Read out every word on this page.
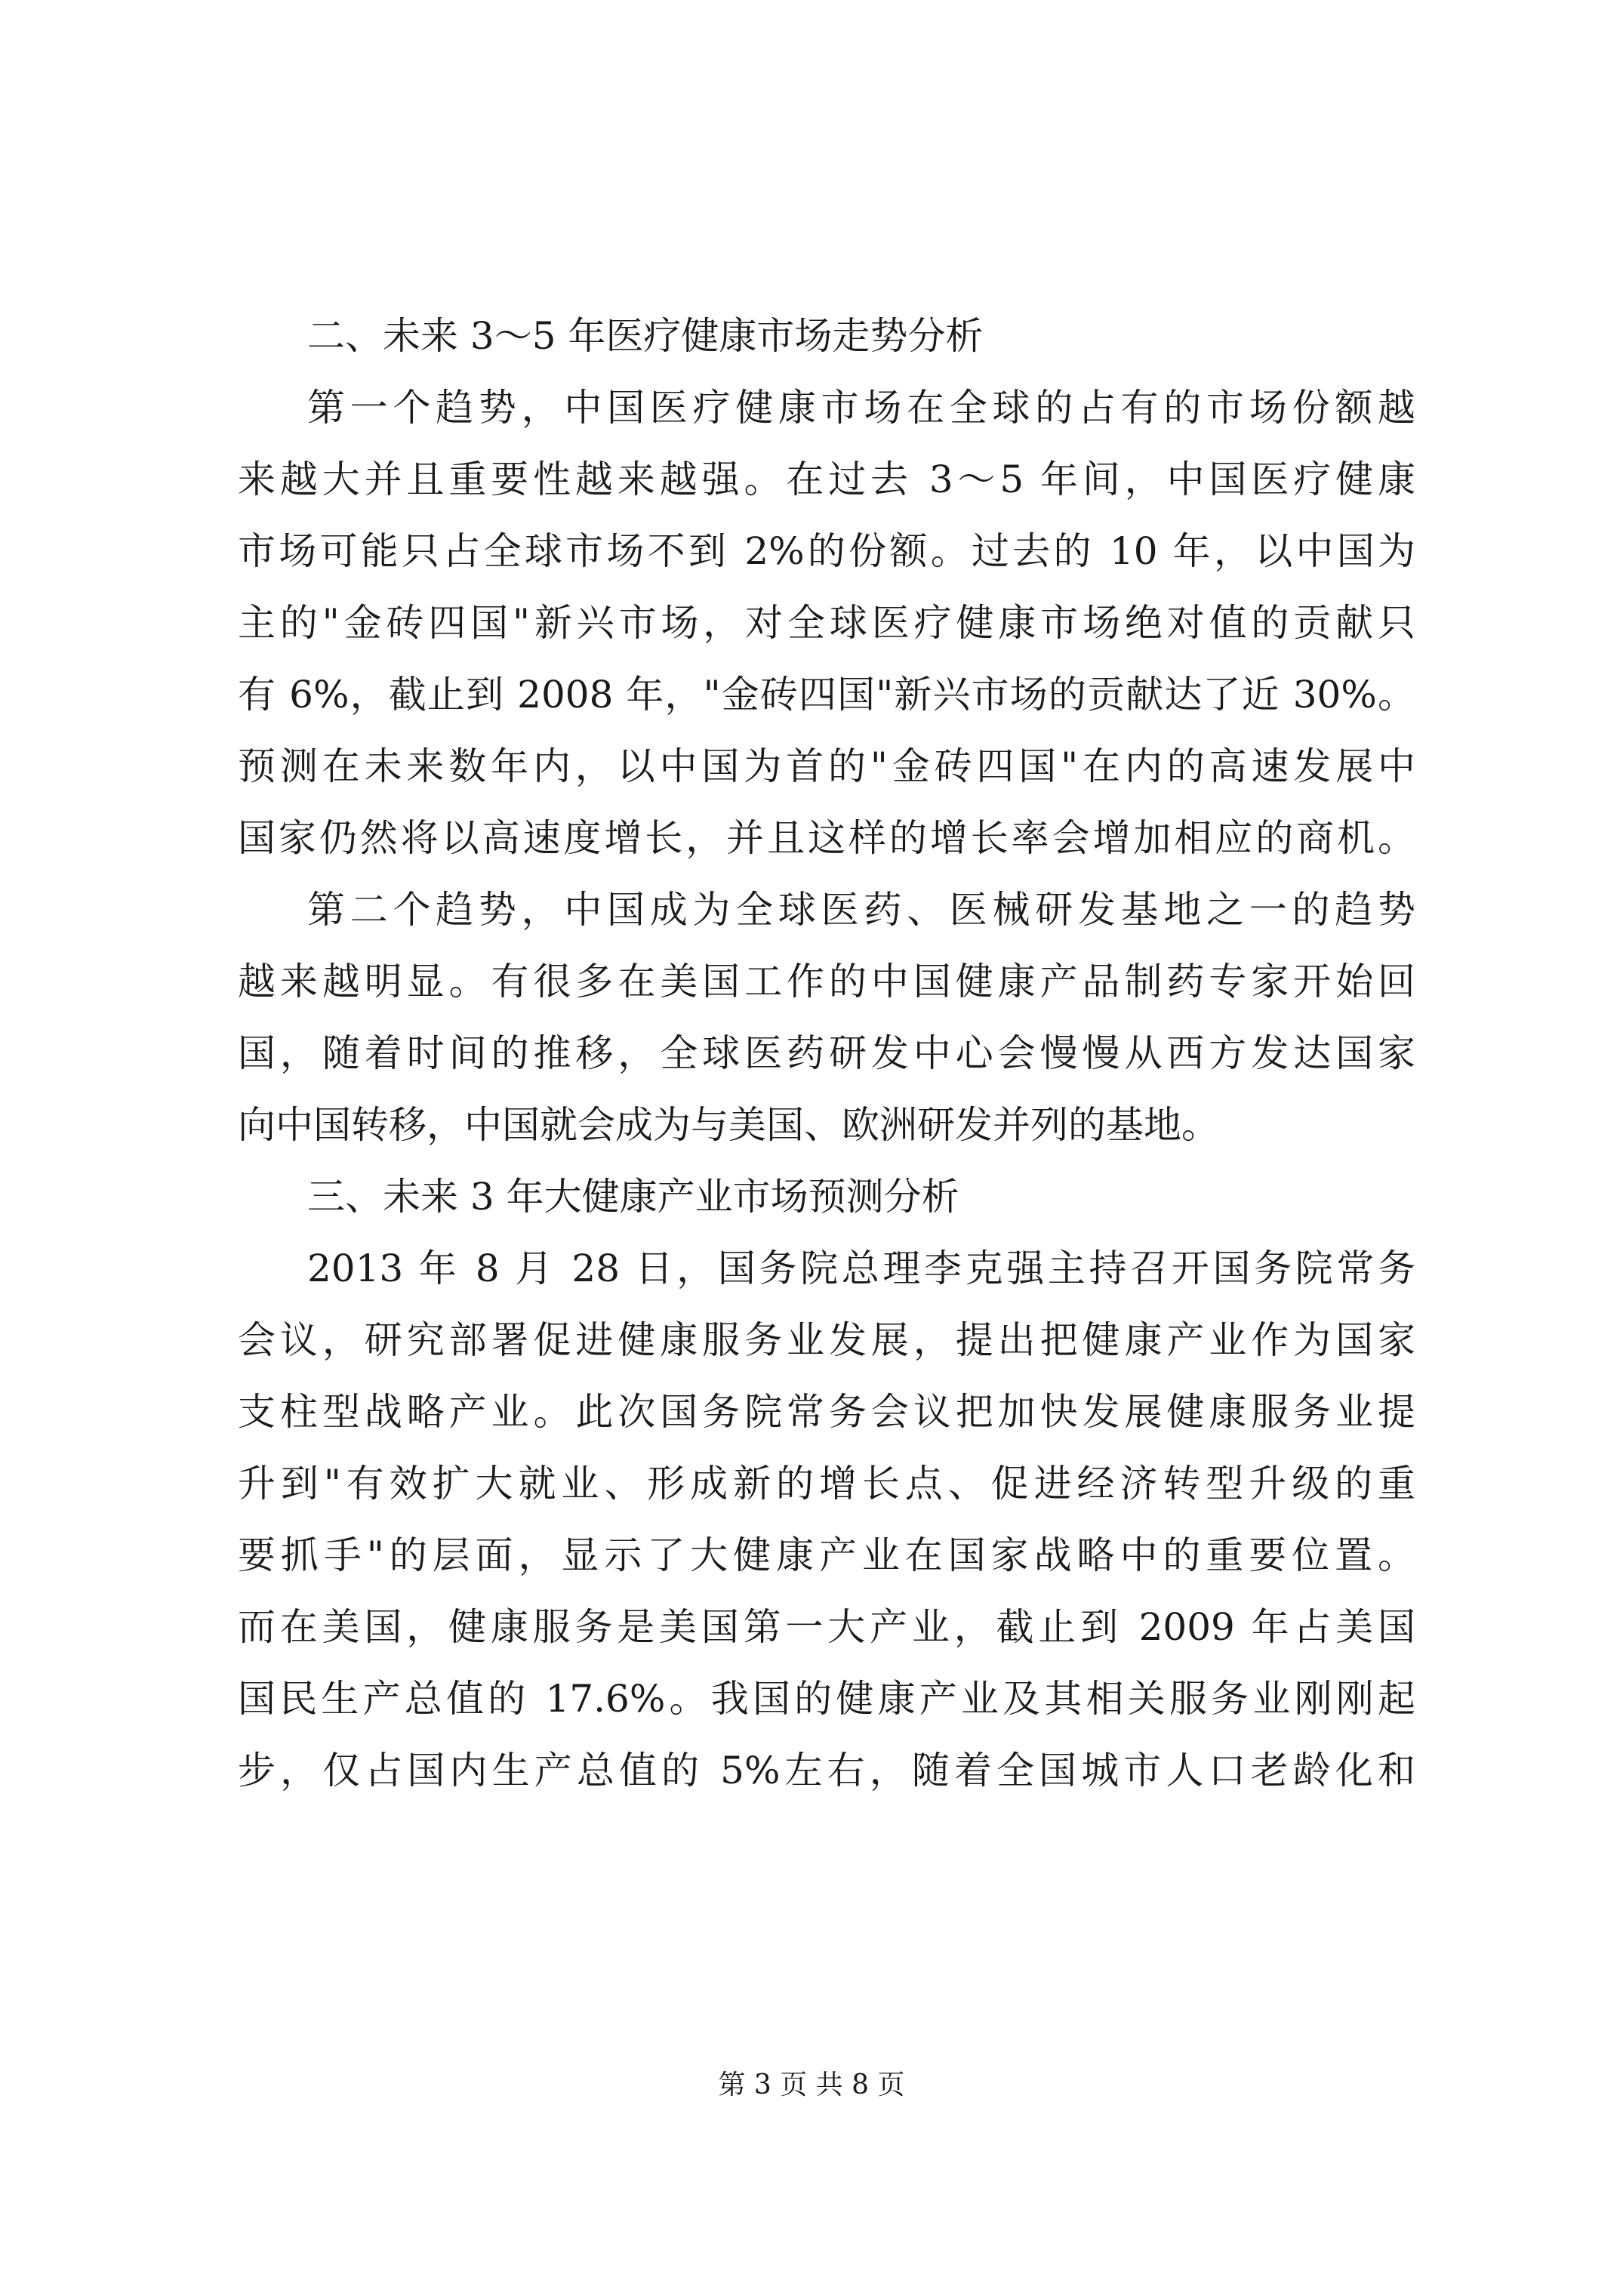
二、未来 3～5 年医疗健康市场走势分析
第一个趋势，中国医疗健康市场在全球的占有的市场份额越
来越大并且重要性越来越强。在过去 3～5 年间，中国医疗健康
市场可能只占全球市场不到 2%的份额。过去的 10 年，以中国为
主的"金砖四国"新兴市场，对全球医疗健康市场绝对值的贡献只
有 6%，截止到 2008 年，"金砖四国"新兴市场的贡献达了近 30%。
预测在未来数年内，以中国为首的"金砖四国"在内的高速发展中
国家仍然将以高速度增长，并且这样的增长率会增加相应的商机。
第二个趋势，中国成为全球医药、医械研发基地之一的趋势
越来越明显。有很多在美国工作的中国健康产品制药专家开始回
国，随着时间的推移，全球医药研发中心会慢慢从西方发达国家
向中国转移，中国就会成为与美国、欧洲研发并列的基地。
三、未来 3 年大健康产业市场预测分析
2013 年 8 月 28 日，国务院总理李克强主持召开国务院常务
会议，研究部署促进健康服务业发展，提出把健康产业作为国家
支柱型战略产业。此次国务院常务会议把加快发展健康服务业提
升到"有效扩大就业、形成新的增长点、促进经济转型升级的重
要抓手"的层面，显示了大健康产业在国家战略中的重要位置。
而在美国，健康服务是美国第一大产业，截止到 2009 年占美国
国民生产总值的 17.6%。我国的健康产业及其相关服务业刚刚起
步，仅占国内生产总值的 5%左右，随着全国城市人口老龄化和
第 3 页 共 8 页
